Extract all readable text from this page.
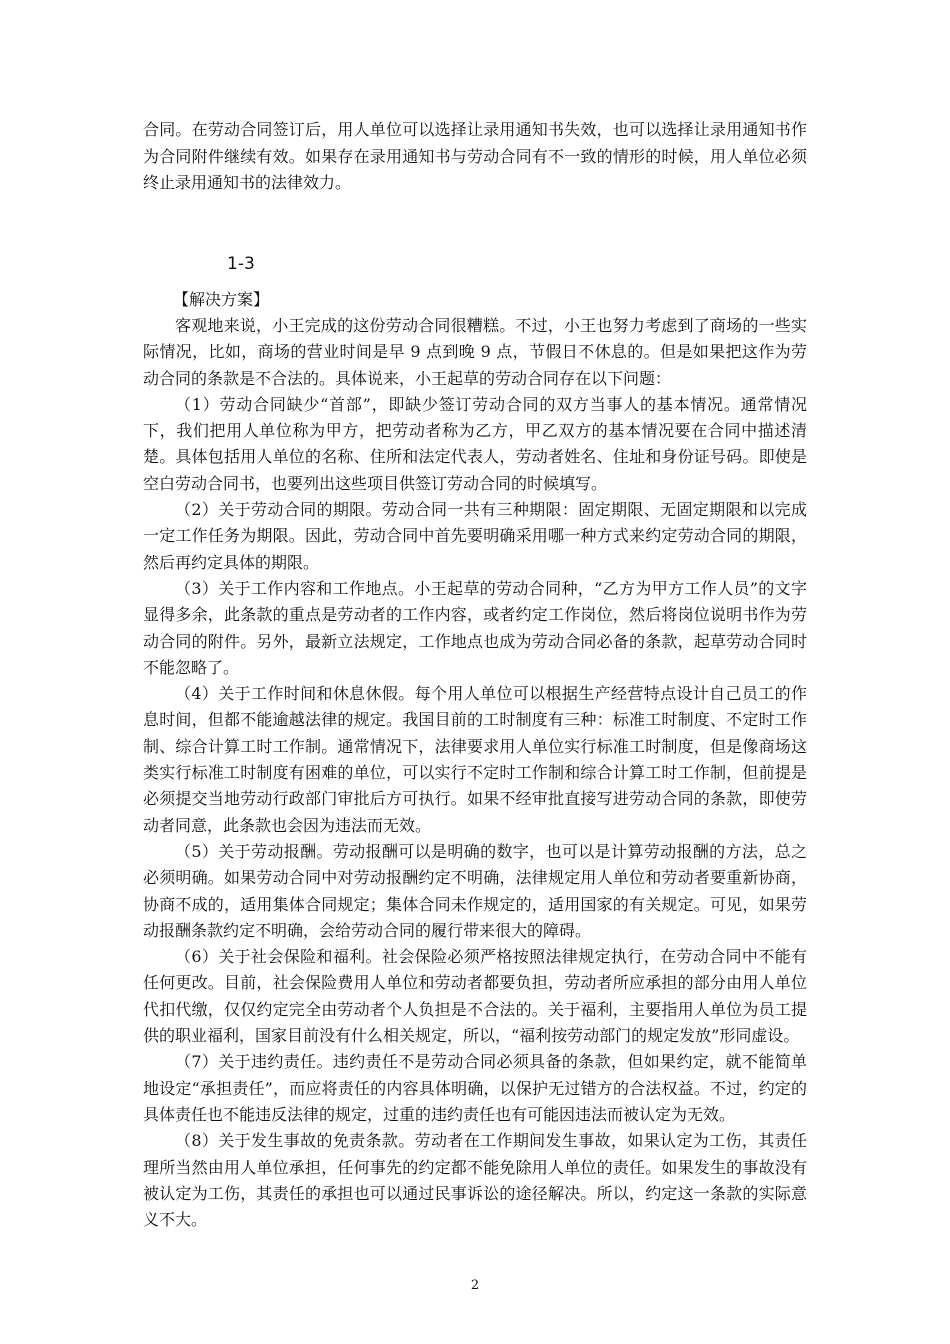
合同。在劳动合同签订后，用人单位可以选择让录用通知书失效，也可以选择让录用通知书作为合同附件继续有效。如果存在录用通知书与劳动合同有不一致的情形的时候，用人单位必须终止录用通知书的法律效力。

1-3

【解决方案】

客观地来说，小王完成的这份劳动合同很糟糕。不过，小王也努力考虑到了商场的一些实际情况，比如，商场的营业时间是早 9 点到晚 9 点，节假日不休息的。但是如果把这作为劳动合同的条款是不合法的。具体说来，小王起草的劳动合同存在以下问题：

（1）劳动合同缺少“首部”，即缺少签订劳动合同的双方当事人的基本情况。通常情况下，我们把用人单位称为甲方，把劳动者称为乙方，甲乙双方的基本情况要在合同中描述清楚。具体包括用人单位的名称、住所和法定代表人，劳动者姓名、住址和身份证号码。即使是空白劳动合同书，也要列出这些项目供签订劳动合同的时候填写。

（2）关于劳动合同的期限。劳动合同一共有三种期限：固定期限、无固定期限和以完成一定工作任务为期限。因此，劳动合同中首先要明确采用哪一种方式来约定劳动合同的期限，然后再约定具体的期限。

（3）关于工作内容和工作地点。小王起草的劳动合同种，“乙方为甲方工作人员”的文字显得多余，此条款的重点是劳动者的工作内容，或者约定工作岗位，然后将岗位说明书作为劳动合同的附件。另外，最新立法规定，工作地点也成为劳动合同必备的条款，起草劳动合同时不能忽略了。

（4）关于工作时间和休息休假。每个用人单位可以根据生产经营特点设计自己员工的作息时间，但都不能逾越法律的规定。我国目前的工时制度有三种：标准工时制度、不定时工作制、综合计算工时工作制。通常情况下，法律要求用人单位实行标准工时制度，但是像商场这类实行标准工时制度有困难的单位，可以实行不定时工作制和综合计算工时工作制，但前提是必须提交当地劳动行政部门审批后方可执行。如果不经审批直接写进劳动合同的条款，即使劳动者同意，此条款也会因为违法而无效。

（5）关于劳动报酬。劳动报酬可以是明确的数字，也可以是计算劳动报酬的方法，总之必须明确。如果劳动合同中对劳动报酬约定不明确，法律规定用人单位和劳动者要重新协商，协商不成的，适用集体合同规定；集体合同未作规定的，适用国家的有关规定。可见，如果劳动报酬条款约定不明确，会给劳动合同的履行带来很大的障碍。

（6）关于社会保险和福利。社会保险必须严格按照法律规定执行，在劳动合同中不能有任何更改。目前，社会保险费用人单位和劳动者都要负担，劳动者所应承担的部分由用人单位代扣代缴，仅仅约定完全由劳动者个人负担是不合法的。关于福利，主要指用人单位为员工提供的职业福利，国家目前没有什么相关规定，所以，“福利按劳动部门的规定发放”形同虚设。

（7）关于违约责任。违约责任不是劳动合同必须具备的条款，但如果约定，就不能简单地设定“承担责任”，而应将责任的内容具体明确，以保护无过错方的合法权益。不过，约定的具体责任也不能违反法律的规定，过重的违约责任也有可能因违法而被认定为无效。

（8）关于发生事故的免责条款。劳动者在工作期间发生事故，如果认定为工伤，其责任理所当然由用人单位承担，任何事先的约定都不能免除用人单位的责任。如果发生的事故没有被认定为工伤，其责任的承担也可以通过民事诉讼的途径解决。所以，约定这一条款的实际意义不大。

2
